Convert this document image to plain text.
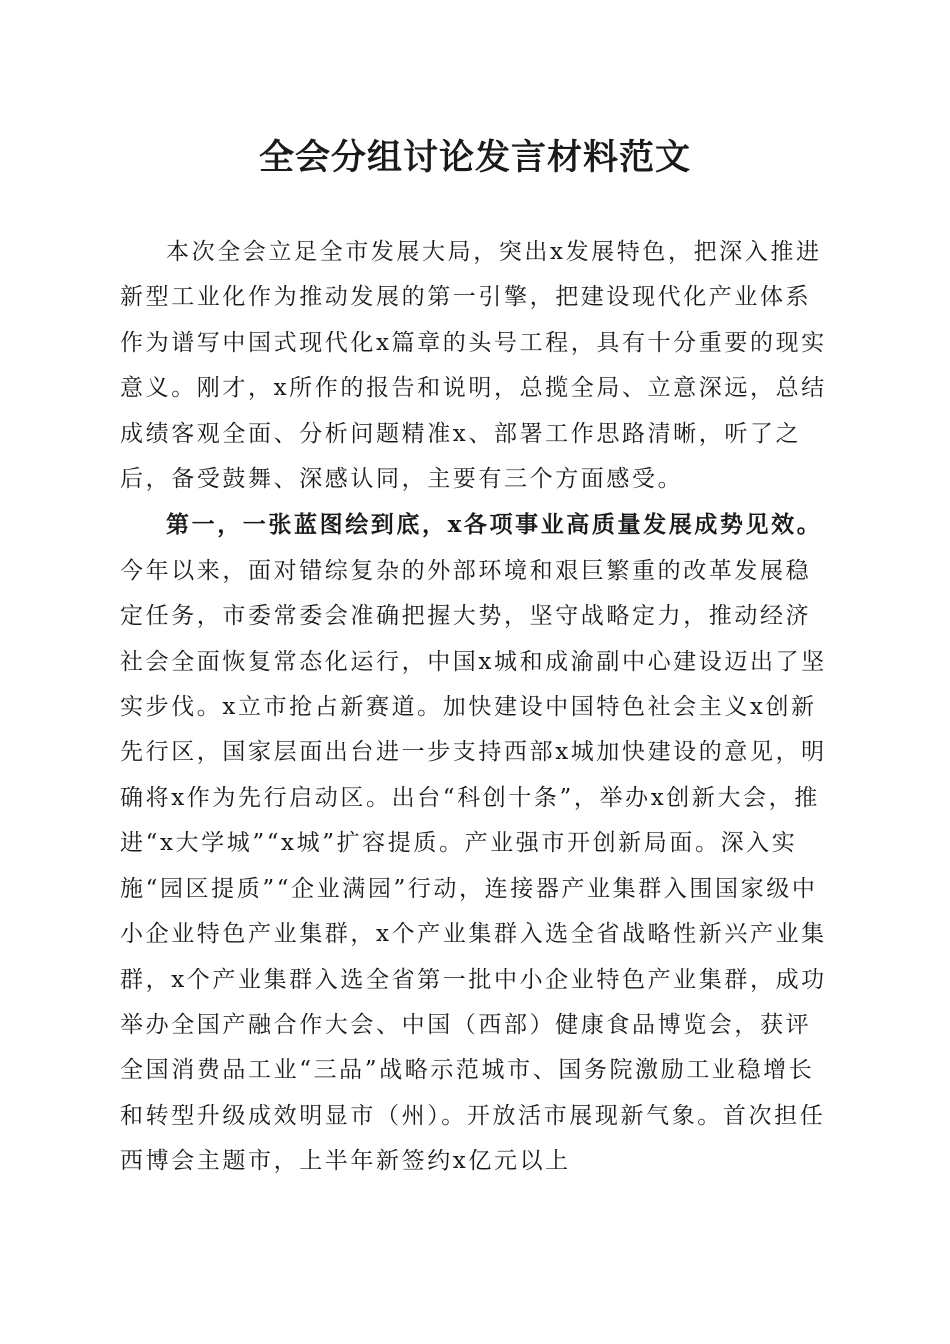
全会分组讨论发言材料范文

本次全会立足全市发展大局，突出x发展特色，把深入推进新型工业化作为推动发展的第一引擎，把建设现代化产业体系作为谱写中国式现代化x篇章的头号工程，具有十分重要的现实意义。刚才，x所作的报告和说明，总揽全局、立意深远，总结成绩客观全面、分析问题精准x、部署工作思路清晰，听了之后，备受鼓舞、深感认同，主要有三个方面感受。

第一，一张蓝图绘到底，x各项事业高质量发展成势见效。今年以来，面对错综复杂的外部环境和艰巨繁重的改革发展稳定任务，市委常委会准确把握大势，坚守战略定力，推动经济社会全面恢复常态化运行，中国x城和成渝副中心建设迈出了坚实步伐。x立市抢占新赛道。加快建设中国特色社会主义x创新先行区，国家层面出台进一步支持西部x城加快建设的意见，明确将x作为先行启动区。出台“科创十条”，举办x创新大会，推进“x大学城”“x城”扩容提质。产业强市开创新局面。深入实施“园区提质”“企业满园”行动，连接器产业集群入围国家级中小企业特色产业集群，x个产业集群入选全省战略性新兴产业集群，x个产业集群入选全省第一批中小企业特色产业集群，成功举办全国产融合作大会、中国（西部）健康食品博览会，获评全国消费品工业“三品”战略示范城市、国务院激励工业稳增长和转型升级成效明显市（州）。开放活市展现新气象。首次担任西博会主题市，上半年新签约x亿元以上
